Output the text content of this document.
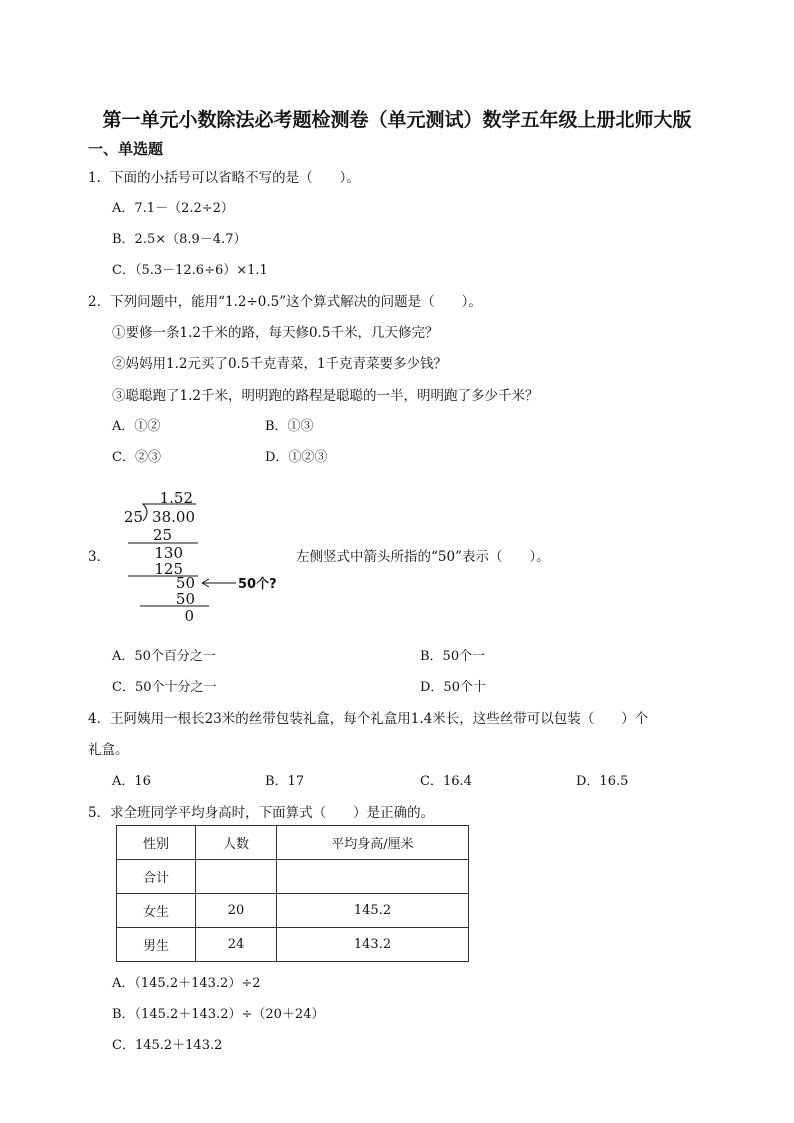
第一单元小数除法必考题检测卷（单元测试）数学五年级上册北师大版
一、单选题
1．下面的小括号可以省略不写的是（　　）。
A．7.1－（2.2÷2）
B．2.5×（8.9－4.7）
C．（5.3－12.6÷6）×1.1
2．下列问题中，能用“1.2÷0.5”这个算式解决的问题是（　　）。
①要修一条1.2千米的路，每天修0.5千米，几天修完？
②妈妈用1.2元买了0.5千克青菜，1千克青菜要多少钱？
③聪聪跑了1.2千米，明明跑的路程是聪聪的一半，明明跑了多少千米？
A．①②	B．①③
C．②③	D．①②③
3．
1.52
25 38.00
25
130
125
50
50
0
50个?
左侧竖式中箭头所指的“50”表示（　　）。
A．50个百分之一	B．50个一
C．50个十分之一	D．50个十
4．王阿姨用一根长23米的丝带包装礼盒，每个礼盒用1.4米长，这些丝带可以包装（　　）个
礼盒。
A．16	B．17	C．16.4	D．16.5
5．求全班同学平均身高时，下面算式（　　）是正确的。
性别	人数	平均身高/厘米
合计		
女生	20	145.2
男生	24	143.2
A．（145.2＋143.2）÷2
B．（145.2＋143.2）÷（20＋24）
C．145.2＋143.2
